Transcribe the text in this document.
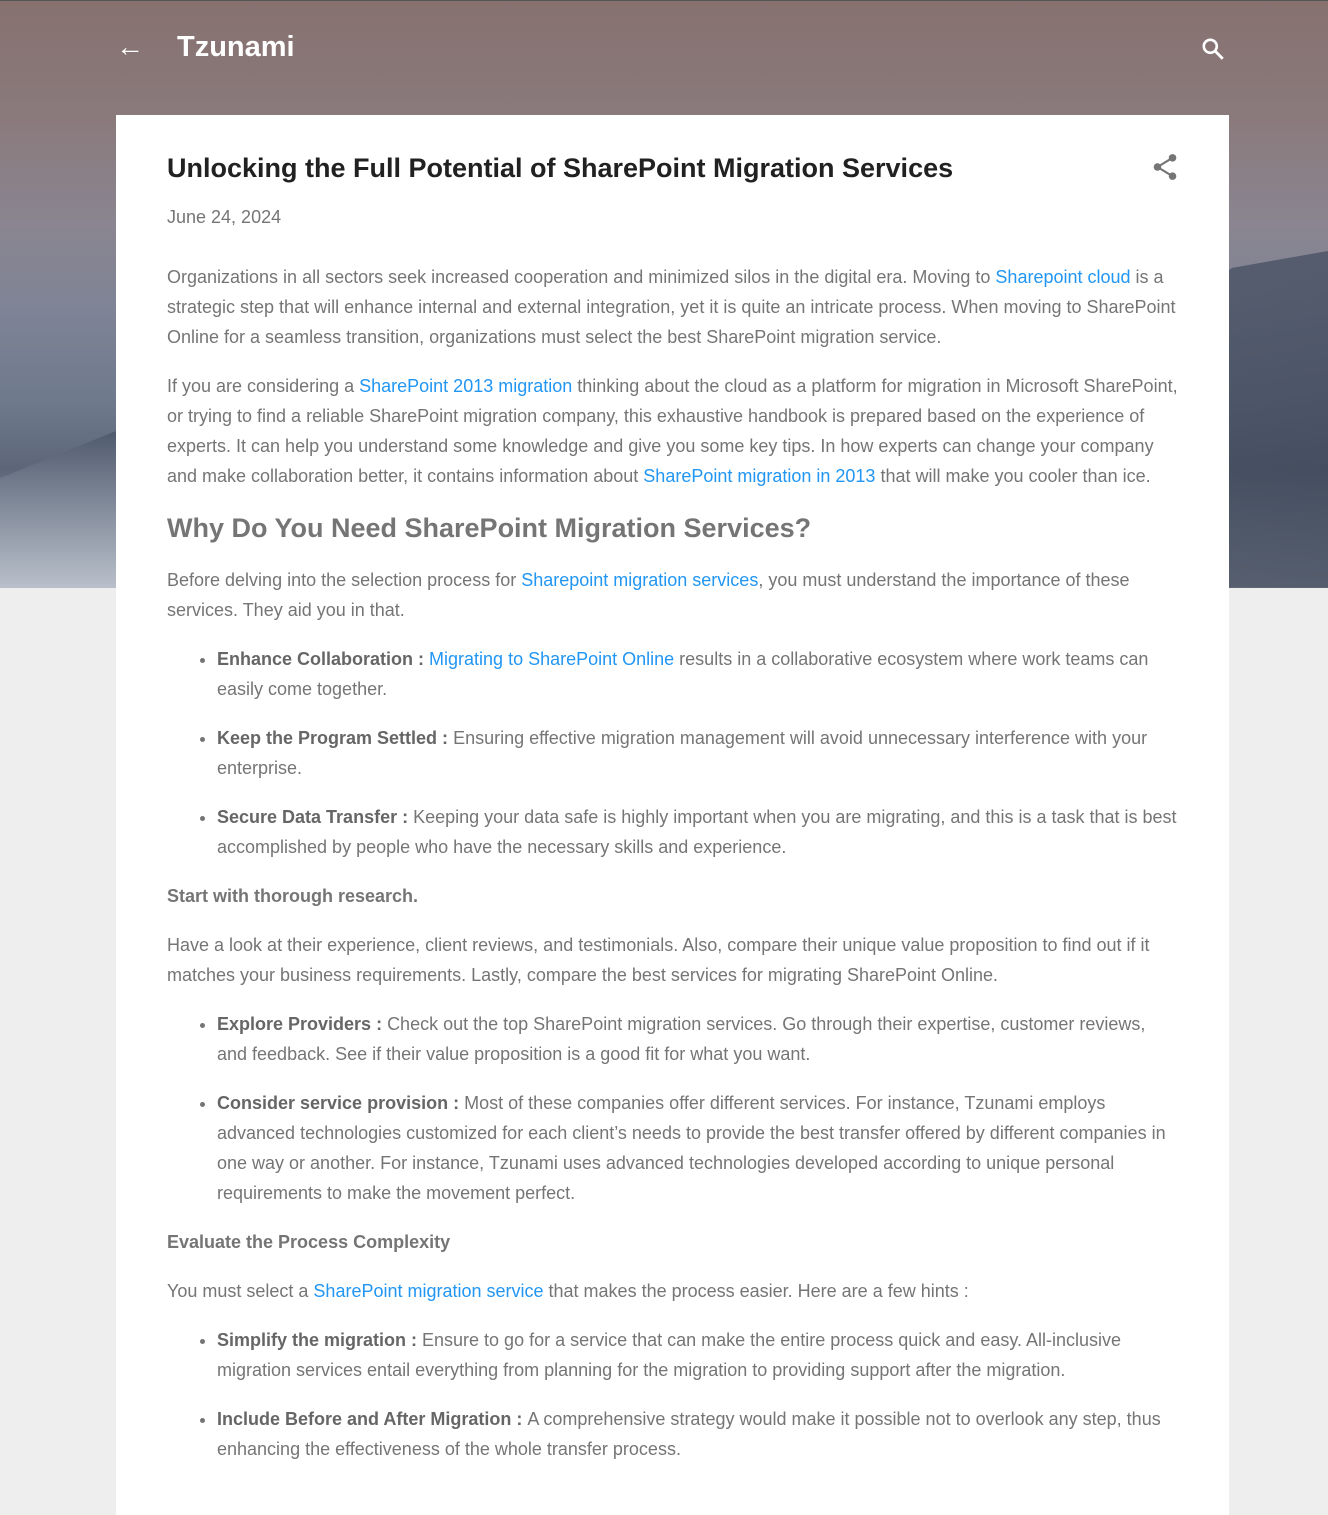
← Tzunami
Unlocking the Full Potential of SharePoint Migration Services
June 24, 2024

Organizations in all sectors seek increased cooperation and minimized silos in the digital era. Moving to Sharepoint cloud is a strategic step that will enhance internal and external integration, yet it is quite an intricate process. When moving to SharePoint Online for a seamless transition, organizations must select the best SharePoint migration service.

If you are considering a SharePoint 2013 migration thinking about the cloud as a platform for migration in Microsoft SharePoint, or trying to find a reliable SharePoint migration company, this exhaustive handbook is prepared based on the experience of experts. It can help you understand some knowledge and give you some key tips. In how experts can change your company and make collaboration better, it contains information about SharePoint migration in 2013 that will make you cooler than ice.

Why Do You Need SharePoint Migration Services?

Before delving into the selection process for Sharepoint migration services, you must understand the importance of these services. They aid you in that.

• Enhance Collaboration : Migrating to SharePoint Online results in a collaborative ecosystem where work teams can easily come together.
• Keep the Program Settled : Ensuring effective migration management will avoid unnecessary interference with your enterprise.
• Secure Data Transfer : Keeping your data safe is highly important when you are migrating, and this is a task that is best accomplished by people who have the necessary skills and experience.
Start with thorough research.

Have a look at their experience, client reviews, and testimonials. Also, compare their unique value proposition to find out if it matches your business requirements. Lastly, compare the best services for migrating SharePoint Online.

• Explore Providers : Check out the top SharePoint migration services. Go through their expertise, customer reviews, and feedback. See if their value proposition is a good fit for what you want.
• Consider service provision : Most of these companies offer different services. For instance, Tzunami employs advanced technologies customized for each client’s needs to provide the best transfer offered by different companies in one way or another. For instance, Tzunami uses advanced technologies developed according to unique personal requirements to make the movement perfect.
Evaluate the Process Complexity

You must select a SharePoint migration service that makes the process easier. Here are a few hints :

• Simplify the migration : Ensure to go for a service that can make the entire process quick and easy. All-inclusive migration services entail everything from planning for the migration to providing support after the migration.
• Include Before and After Migration : A comprehensive strategy would make it possible not to overlook any step, thus enhancing the effectiveness of the whole transfer process.
